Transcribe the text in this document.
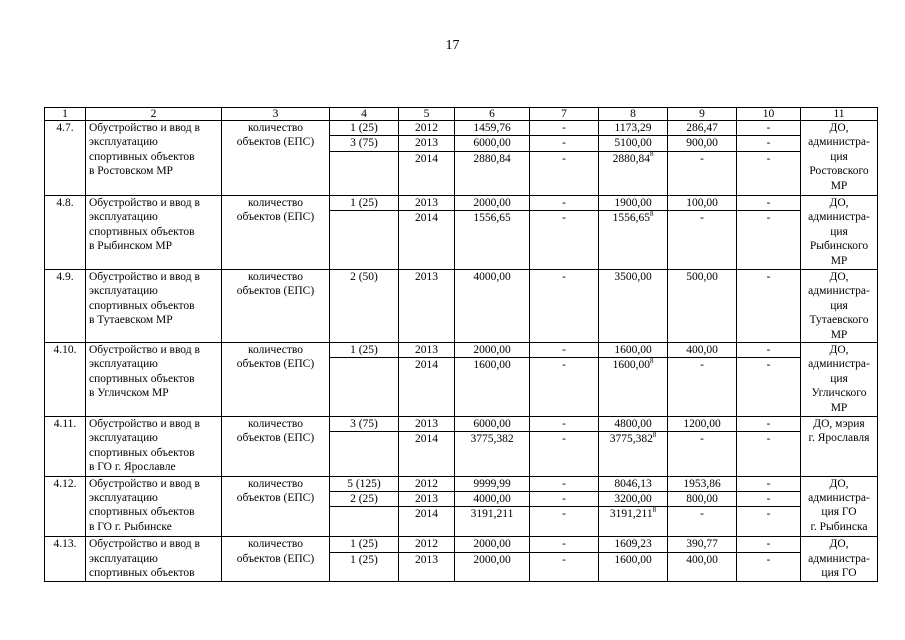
17
1	2	3	4	5	6	7	8	9	10	11
4.7.	Обустройство и ввод в
эксплуатацию
спортивных объектов
в Ростовском МР	количество
объектов (ЕПС)	1 (25)	2012	1459,76	-	1173,29	286,47	-	ДО,
администра-
ция
Ростовского
МР

			3 (75)	2013	6000,00	-	5100,00	900,00	-	
				2014	2880,84	-	2880,84$^8$	-	-	
4.8.	Обустройство и ввод в
эксплуатацию
спортивных объектов
в Рыбинском МР	количество
объектов (ЕПС)	1 (25)	2013	2000,00	-	1900,00	100,00	-	ДО,
администра-
ция
Рыбинского
МР

				2014	1556,65	-	1556,65$^8$	-	-	
4.9.	Обустройство и ввод в
эксплуатацию
спортивных объектов
в Тутаевском МР	количество
объектов (ЕПС)	2 (50)	2013	4000,00	-	3500,00	500,00	-	ДО,
администра-
ция
Тутаевского
МР

4.10.	Обустройство и ввод в
эксплуатацию
спортивных объектов
в Угличском МР	количество
объектов (ЕПС)	1 (25)	2013	2000,00	-	1600,00	400,00	-	ДО,
администра-
ция
Угличского
МР

				2014	1600,00	-	1600,00$^8$	-	-	
4.11.	Обустройство и ввод в
эксплуатацию
спортивных объектов
в ГО г. Ярославле	количество
объектов (ЕПС)	3 (75)	2013	6000,00	-	4800,00	1200,00	-	ДО, мэрия
г. Ярославля

				2014	3775,382	-	3775,382$^8$	-	-	
4.12.	Обустройство и ввод в
эксплуатацию
спортивных объектов
в ГО г. Рыбинске	количество
объектов (ЕПС)	5 (125)	2012	9999,99	-	8046,13	1953,86	-	ДО,
администра-
ция ГО
г. Рыбинска

			2 (25)	2013	4000,00	-	3200,00	800,00	-	
				2014	3191,211	-	3191,211$^8$	-	-	
4.13.	Обустройство и ввод в
эксплуатацию
спортивных объектов	количество
объектов (ЕПС)	1 (25)	2012	2000,00	-	1609,23	390,77	-	ДО,
администра-
ция ГО

			1 (25)	2013	2000,00	-	1600,00	400,00	-	
